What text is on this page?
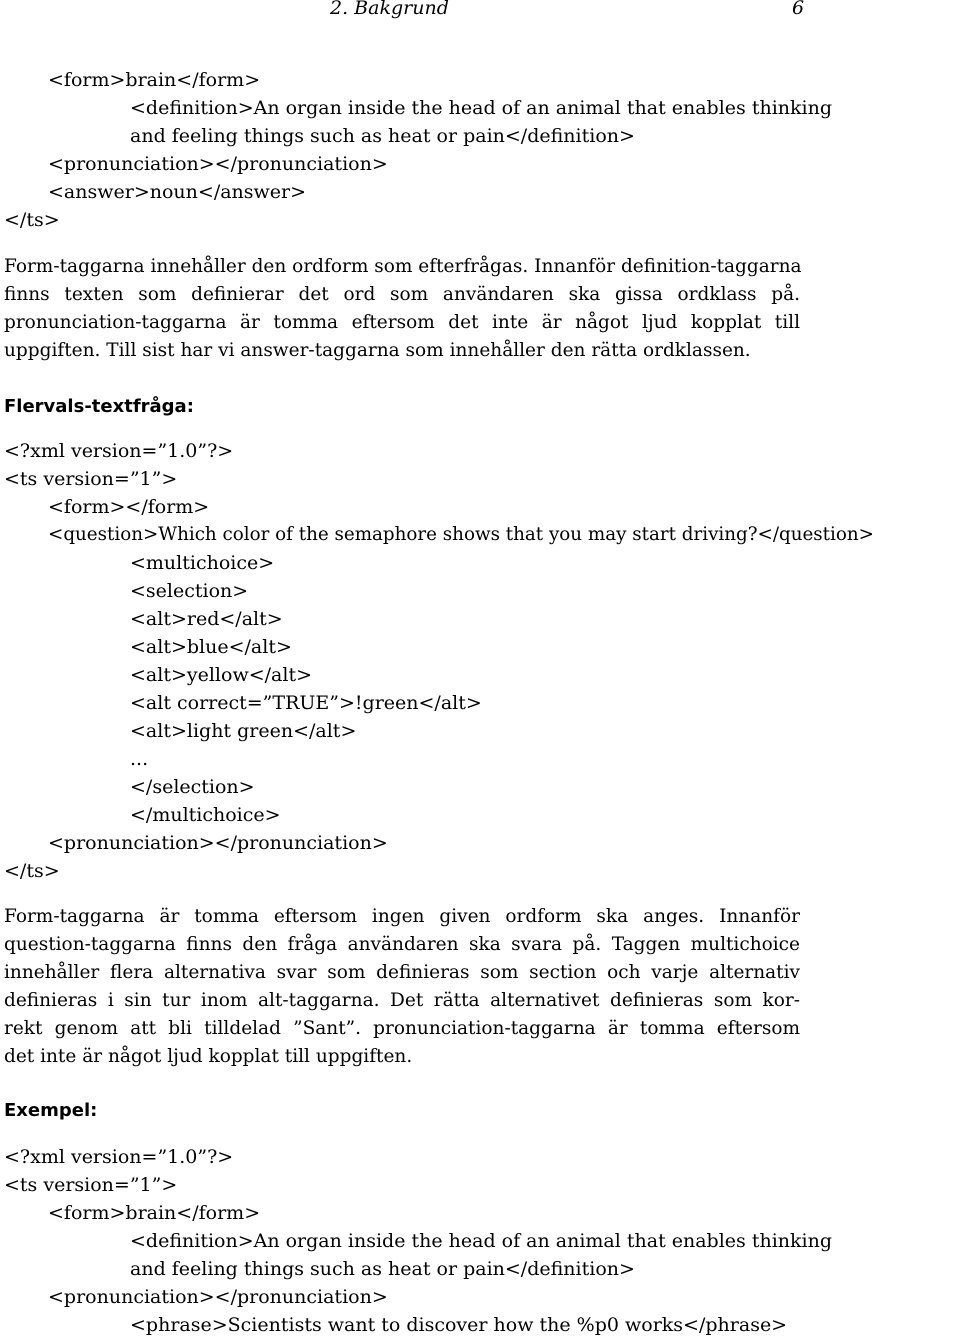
2. Bakgrund	6
<form>brain</form>
<definition>An organ inside the head of an animal that enables thinking
and feeling things such as heat or pain</definition>
<pronunciation></pronunciation>
<answer>noun</answer>
</ts>
Form-taggarna innehåller den ordform som efterfrågas. Innanför definition-taggarna
finns texten som definierar det ord som användaren ska gissa ordklass på.
pronunciation-taggarna är tomma eftersom det inte är något ljud kopplat till
uppgiften. Till sist har vi answer-taggarna som innehåller den rätta ordklassen.
Flervals-textfråga:
<?xml version=”1.0”?>
<ts version=”1”>
<form></form>
<question>Which color of the semaphore shows that you may start driving?</question>
<multichoice>
<selection>
<alt>red</alt>
<alt>blue</alt>
<alt>yellow</alt>
<alt correct=”TRUE”>!green</alt>
<alt>light green</alt>
...
</selection>
</multichoice>
<pronunciation></pronunciation>
</ts>
Form-taggarna är tomma eftersom ingen given ordform ska anges. Innanför
question-taggarna finns den fråga användaren ska svara på. Taggen multichoice
innehåller flera alternativa svar som definieras som section och varje alternativ
definieras i sin tur inom alt-taggarna. Det rätta alternativet definieras som kor-
rekt genom att bli tilldelad ”Sant”. pronunciation-taggarna är tomma eftersom
det inte är något ljud kopplat till uppgiften.
Exempel:
<?xml version=”1.0”?>
<ts version=”1”>
<form>brain</form>
<definition>An organ inside the head of an animal that enables thinking
and feeling things such as heat or pain</definition>
<pronunciation></pronunciation>
<phrase>Scientists want to discover how the %p0 works</phrase>
